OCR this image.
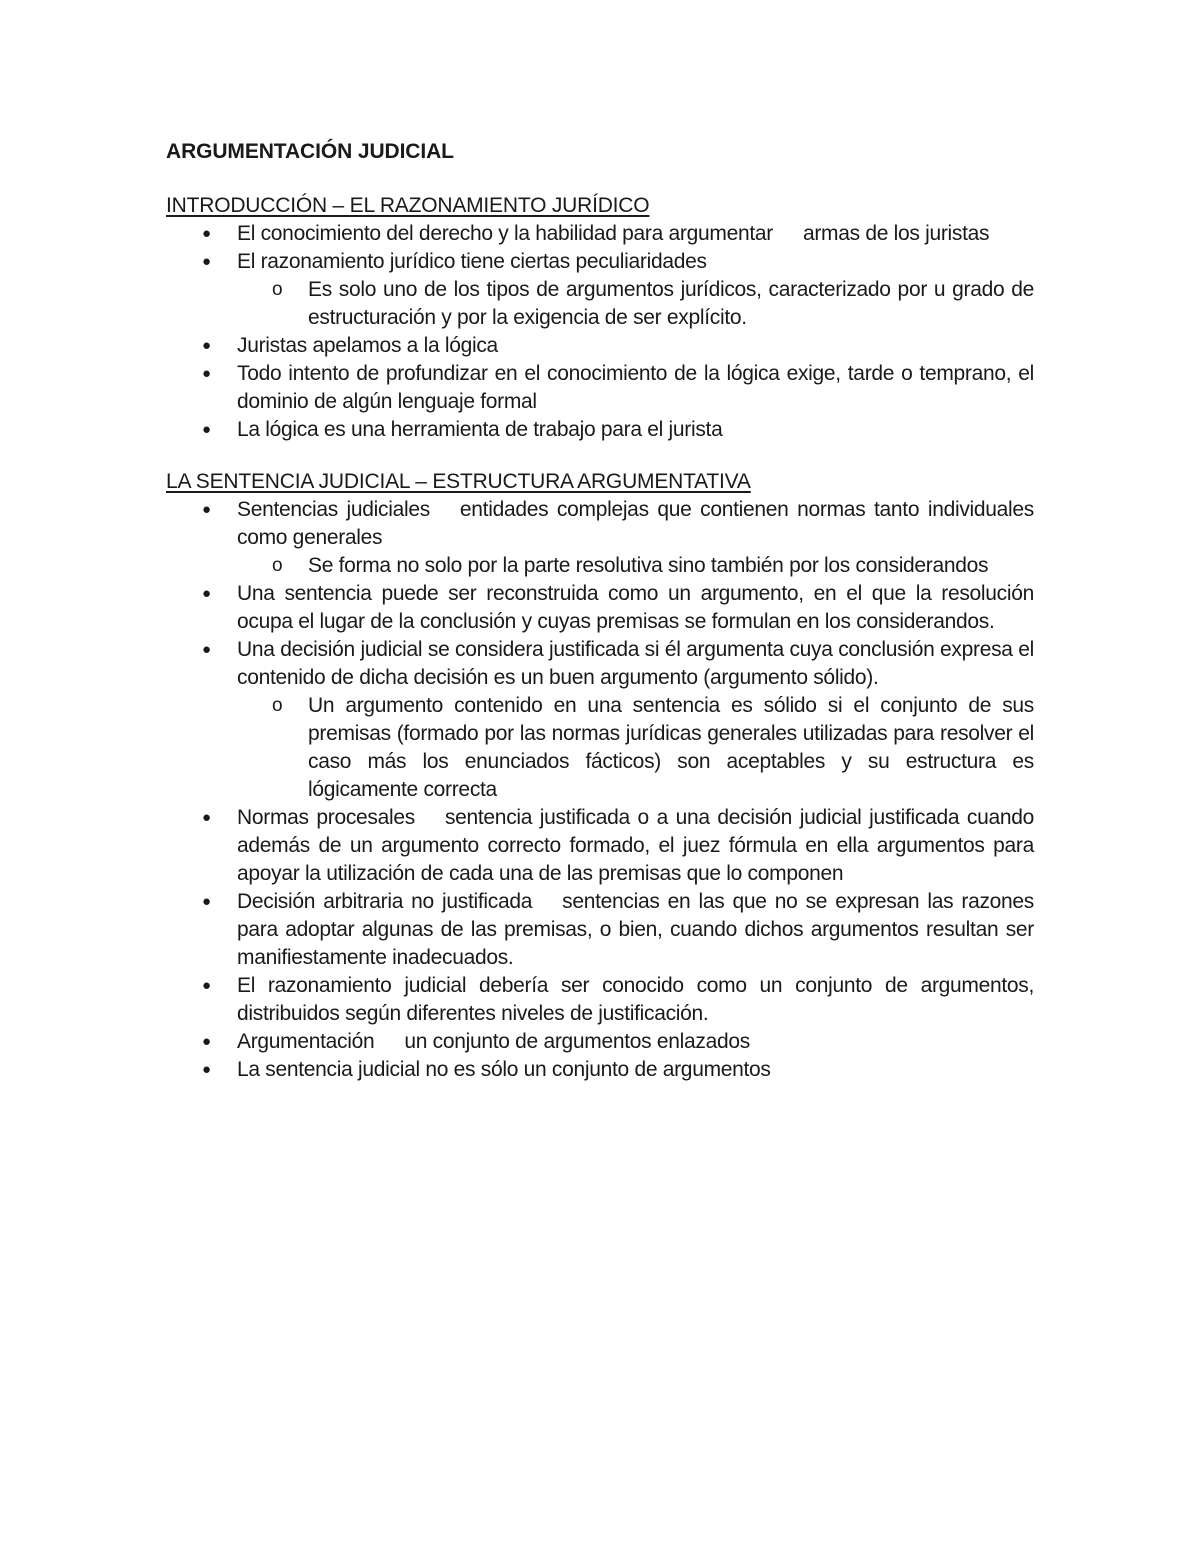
ARGUMENTACIÓN JUDICIAL
INTRODUCCIÓN – EL RAZONAMIENTO JURÍDICO
● El conocimiento del derecho y la habilidad para argumentar armas de los juristas
● El razonamiento jurídico tiene ciertas peculiaridades
o Es solo uno de los tipos de argumentos jurídicos, caracterizado por u grado de estructuración y por la exigencia de ser explícito.
● Juristas apelamos a la lógica
● Todo intento de profundizar en el conocimiento de la lógica exige, tarde o temprano, el dominio de algún lenguaje formal
● La lógica es una herramienta de trabajo para el jurista
LA SENTENCIA JUDICIAL – ESTRUCTURA ARGUMENTATIVA
● Sentencias judiciales entidades complejas que contienen normas tanto individuales como generales
o Se forma no solo por la parte resolutiva sino también por los considerandos
● Una sentencia puede ser reconstruida como un argumento, en el que la resolución ocupa el lugar de la conclusión y cuyas premisas se formulan en los considerandos.
● Una decisión judicial se considera justificada si él argumenta cuya conclusión expresa el contenido de dicha decisión es un buen argumento (argumento sólido).
o Un argumento contenido en una sentencia es sólido si el conjunto de sus premisas (formado por las normas jurídicas generales utilizadas para resolver el caso más los enunciados fácticos) son aceptables y su estructura es lógicamente correcta
● Normas procesales sentencia justificada o a una decisión judicial justificada cuando además de un argumento correcto formado, el juez fórmula en ella argumentos para apoyar la utilización de cada una de las premisas que lo componen
● Decisión arbitraria no justificada sentencias en las que no se expresan las razones para adoptar algunas de las premisas, o bien, cuando dichos argumentos resultan ser manifiestamente inadecuados.
● El razonamiento judicial debería ser conocido como un conjunto de argumentos, distribuidos según diferentes niveles de justificación.
● Argumentación un conjunto de argumentos enlazados
● La sentencia judicial no es sólo un conjunto de argumentos
